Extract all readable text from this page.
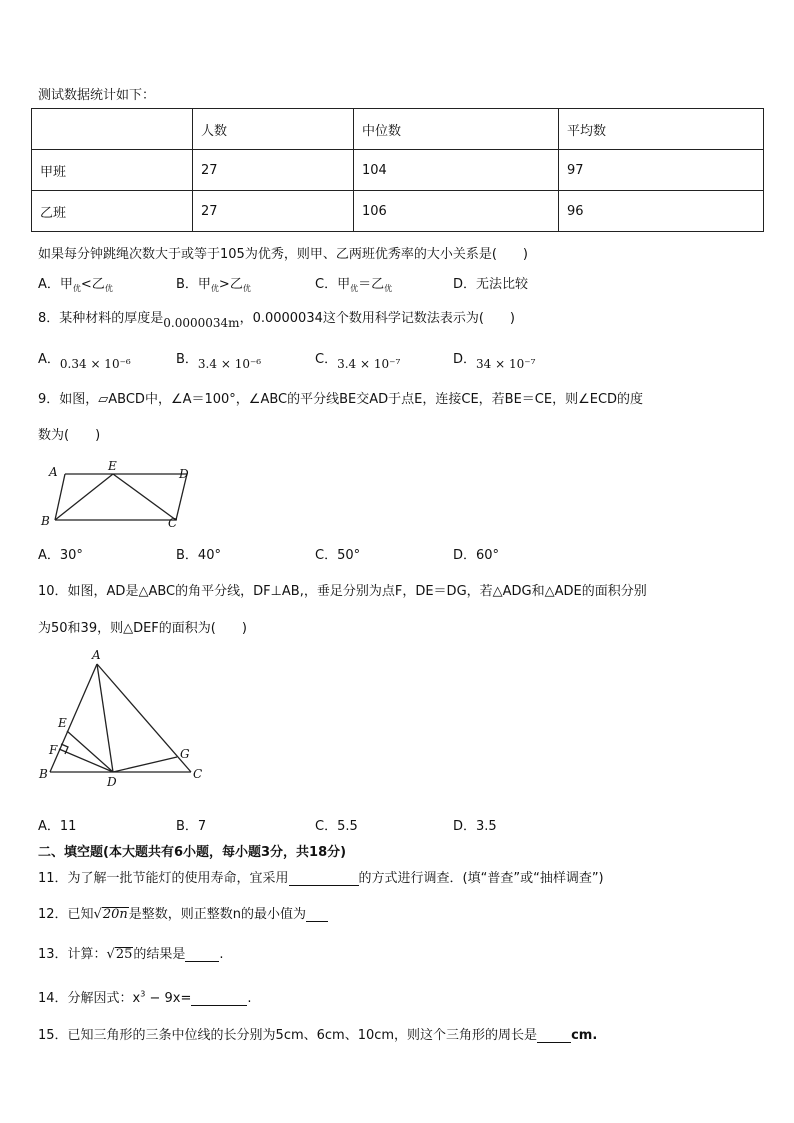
测试数据统计如下：
	人数	中位数	平均数
甲班	27	104	97
乙班	27	106	96
如果每分钟跳绳次数大于或等于105为优秀，则甲、乙两班优秀率的大小关系是(　　)
A．甲$_优$<乙$_优$	B．甲$_优$>乙$_优$	C．甲$_优$＝乙$_优$	D．无法比较
8．某种材料的厚度是0.0000034m，0.0000034这个数用科学记数法表示为(　　)
A．0.34 × 10⁻⁶	B．3.4 × 10⁻⁶	C．3.4 × 10⁻⁷	D．34 × 10⁻⁷
9．如图，▱ABCD中，∠A＝100°，∠ABC的平分线BE交AD于点E，连接CE，若BE＝CE，则∠ECD的度
数为(　　)
A	E
D
B	C
A．30°	B．40°	C．50°	D．60°
10．如图，AD是△ABC的角平分线，DF⊥AB,，垂足分别为点F，DE＝DG，若△ADG和△ADE的面积分别
为50和39，则△DEF的面积为(　　)
A
E
F
B
D
G
C
A．11	B．7	C．5.5	D．3.5
二、填空题(本大题共有6小题，每小题3分，共18分)
11．为了解一批节能灯的使用寿命，宜采用	的方式进行调查．(填“普查”或“抽样调查”)
12．已知√20n是整数，则正整数n的最小值为
13．计算：√25的结果是	.
14．分解因式：$x^3 - 9x=$	.
15．已知三角形的三条中位线的长分别为5cm、6cm、10cm，则这个三角形的周长是	cm.
